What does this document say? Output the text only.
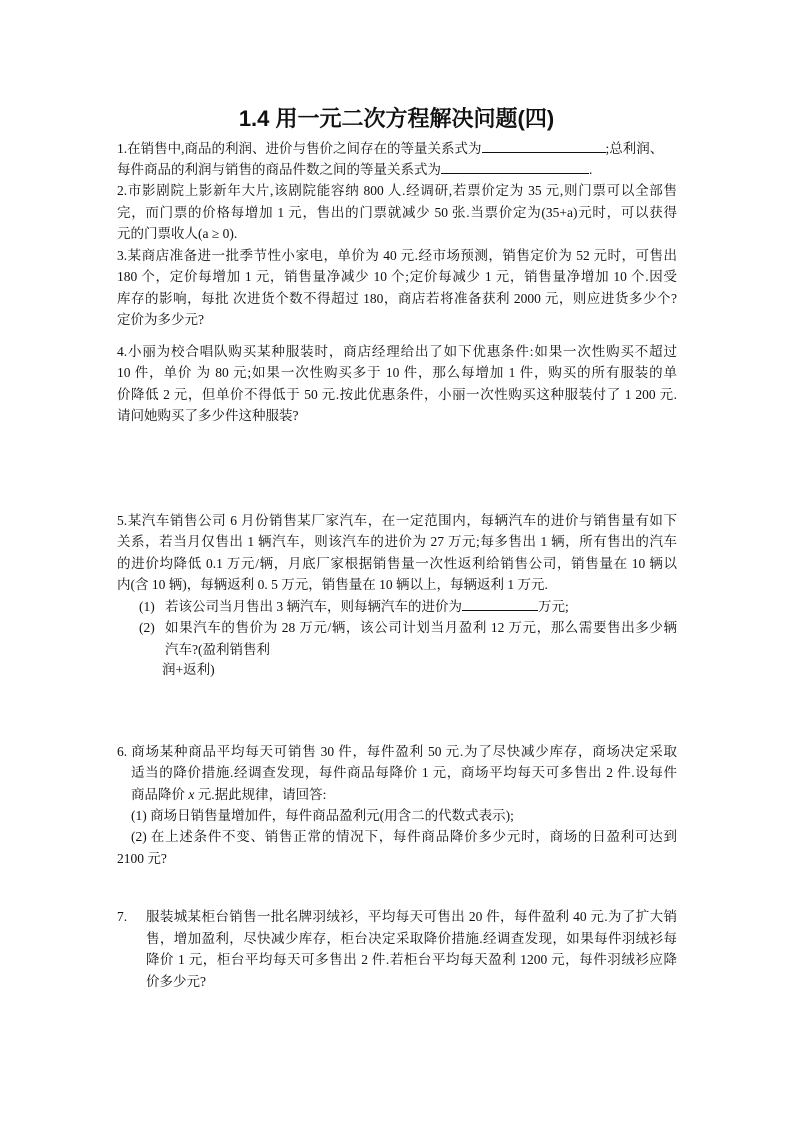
1.4 用一元二次方程解决问题(四)
1.在销售中,商品的利润、进价与售价之间存在的等量关系式为	;总利润、
每件商品的利润与销售的商品件数之间的等量关系式为	.
2.市影剧院上影新年大片,该剧院能容纳 800 人.经调研,若票价定为 35 元,则门票可以全部售
完，而门票的价格每增加 1 元，售出的门票就减少 50 张.当票价定为(35+a)元时，可以获得
元的门票收人(a ≥ 0).
3.某商店准备进一批季节性小家电，单价为 40 元.经市场预测，销售定价为 52 元时，可售出
180 个，定价每增加 1 元，销售量净减少 10 个;定价每减少 1 元，销售量净增加 10 个.因受
库存的影响，每批 次进货个数不得超过 180，商店若将准备获利 2000 元，则应进货多少个?
定价为多少元?
4.小丽为校合唱队购买某种服装时，商店经理给出了如下优惠条件:如果一次性购买不超过
10 件，单价 为 80 元;如果一次性购买多于 10 件，那么每增加 1 件，购买的所有服装的单
价降低 2 元，但单价不得低于 50 元.按此优惠条件，小丽一次性购买这种服装付了 1 200 元.
请问她购买了多少件这种服装?
5.某汽车销售公司 6 月份销售某厂家汽车，在一定范围内，每辆汽车的进价与销售量有如下
关系，若当月仅售出 1 辆汽车，则该汽车的进价为 27 万元;每多售出 1 辆，所有售出的汽车
的进价均降低 0.1 万元/辆，月底厂家根据销售量一次性返利给销售公司，销售量在 10 辆以
内(含 10 辆)，每辆返利 0. 5 万元，销售量在 10 辆以上，每辆返利 1 万元.
(1) 若该公司当月售出 3 辆汽车，则每辆汽车的进价为	万元;
(2) 如果汽车的售价为 28 万元/辆，该公司计划当月盈利 12 万元，那么需要售出多少辆
汽车?(盈利销售利
润+返利)
6. 商场某种商品平均每天可销售 30 件，每件盈利 50 元.为了尽快减少库存，商场决定采取
适当的降价措施.经调查发现，每件商品每降价 1 元，商场平均每天可多售出 2 件.设每件
商品降价 x 元.据此规律，请回答:
(1) 商场日销售量增加件，每件商品盈利元(用含二的代数式表示);
(2) 在上述条件不变、销售正常的情况下，每件商品降价多少元时，商场的日盈利可达到
2100 元?
7.	服装城某柜台销售一批名牌羽绒衫，平均每天可售出 20 件，每件盈利 40 元.为了扩大销
售，增加盈利，尽快减少库存，柜台决定采取降价措施.经调查发现，如果每件羽绒衫每
降价 1 元，柜台平均每天可多售出 2 件.若柜台平均每天盈利 1200 元，每件羽绒衫应降
价多少元?
